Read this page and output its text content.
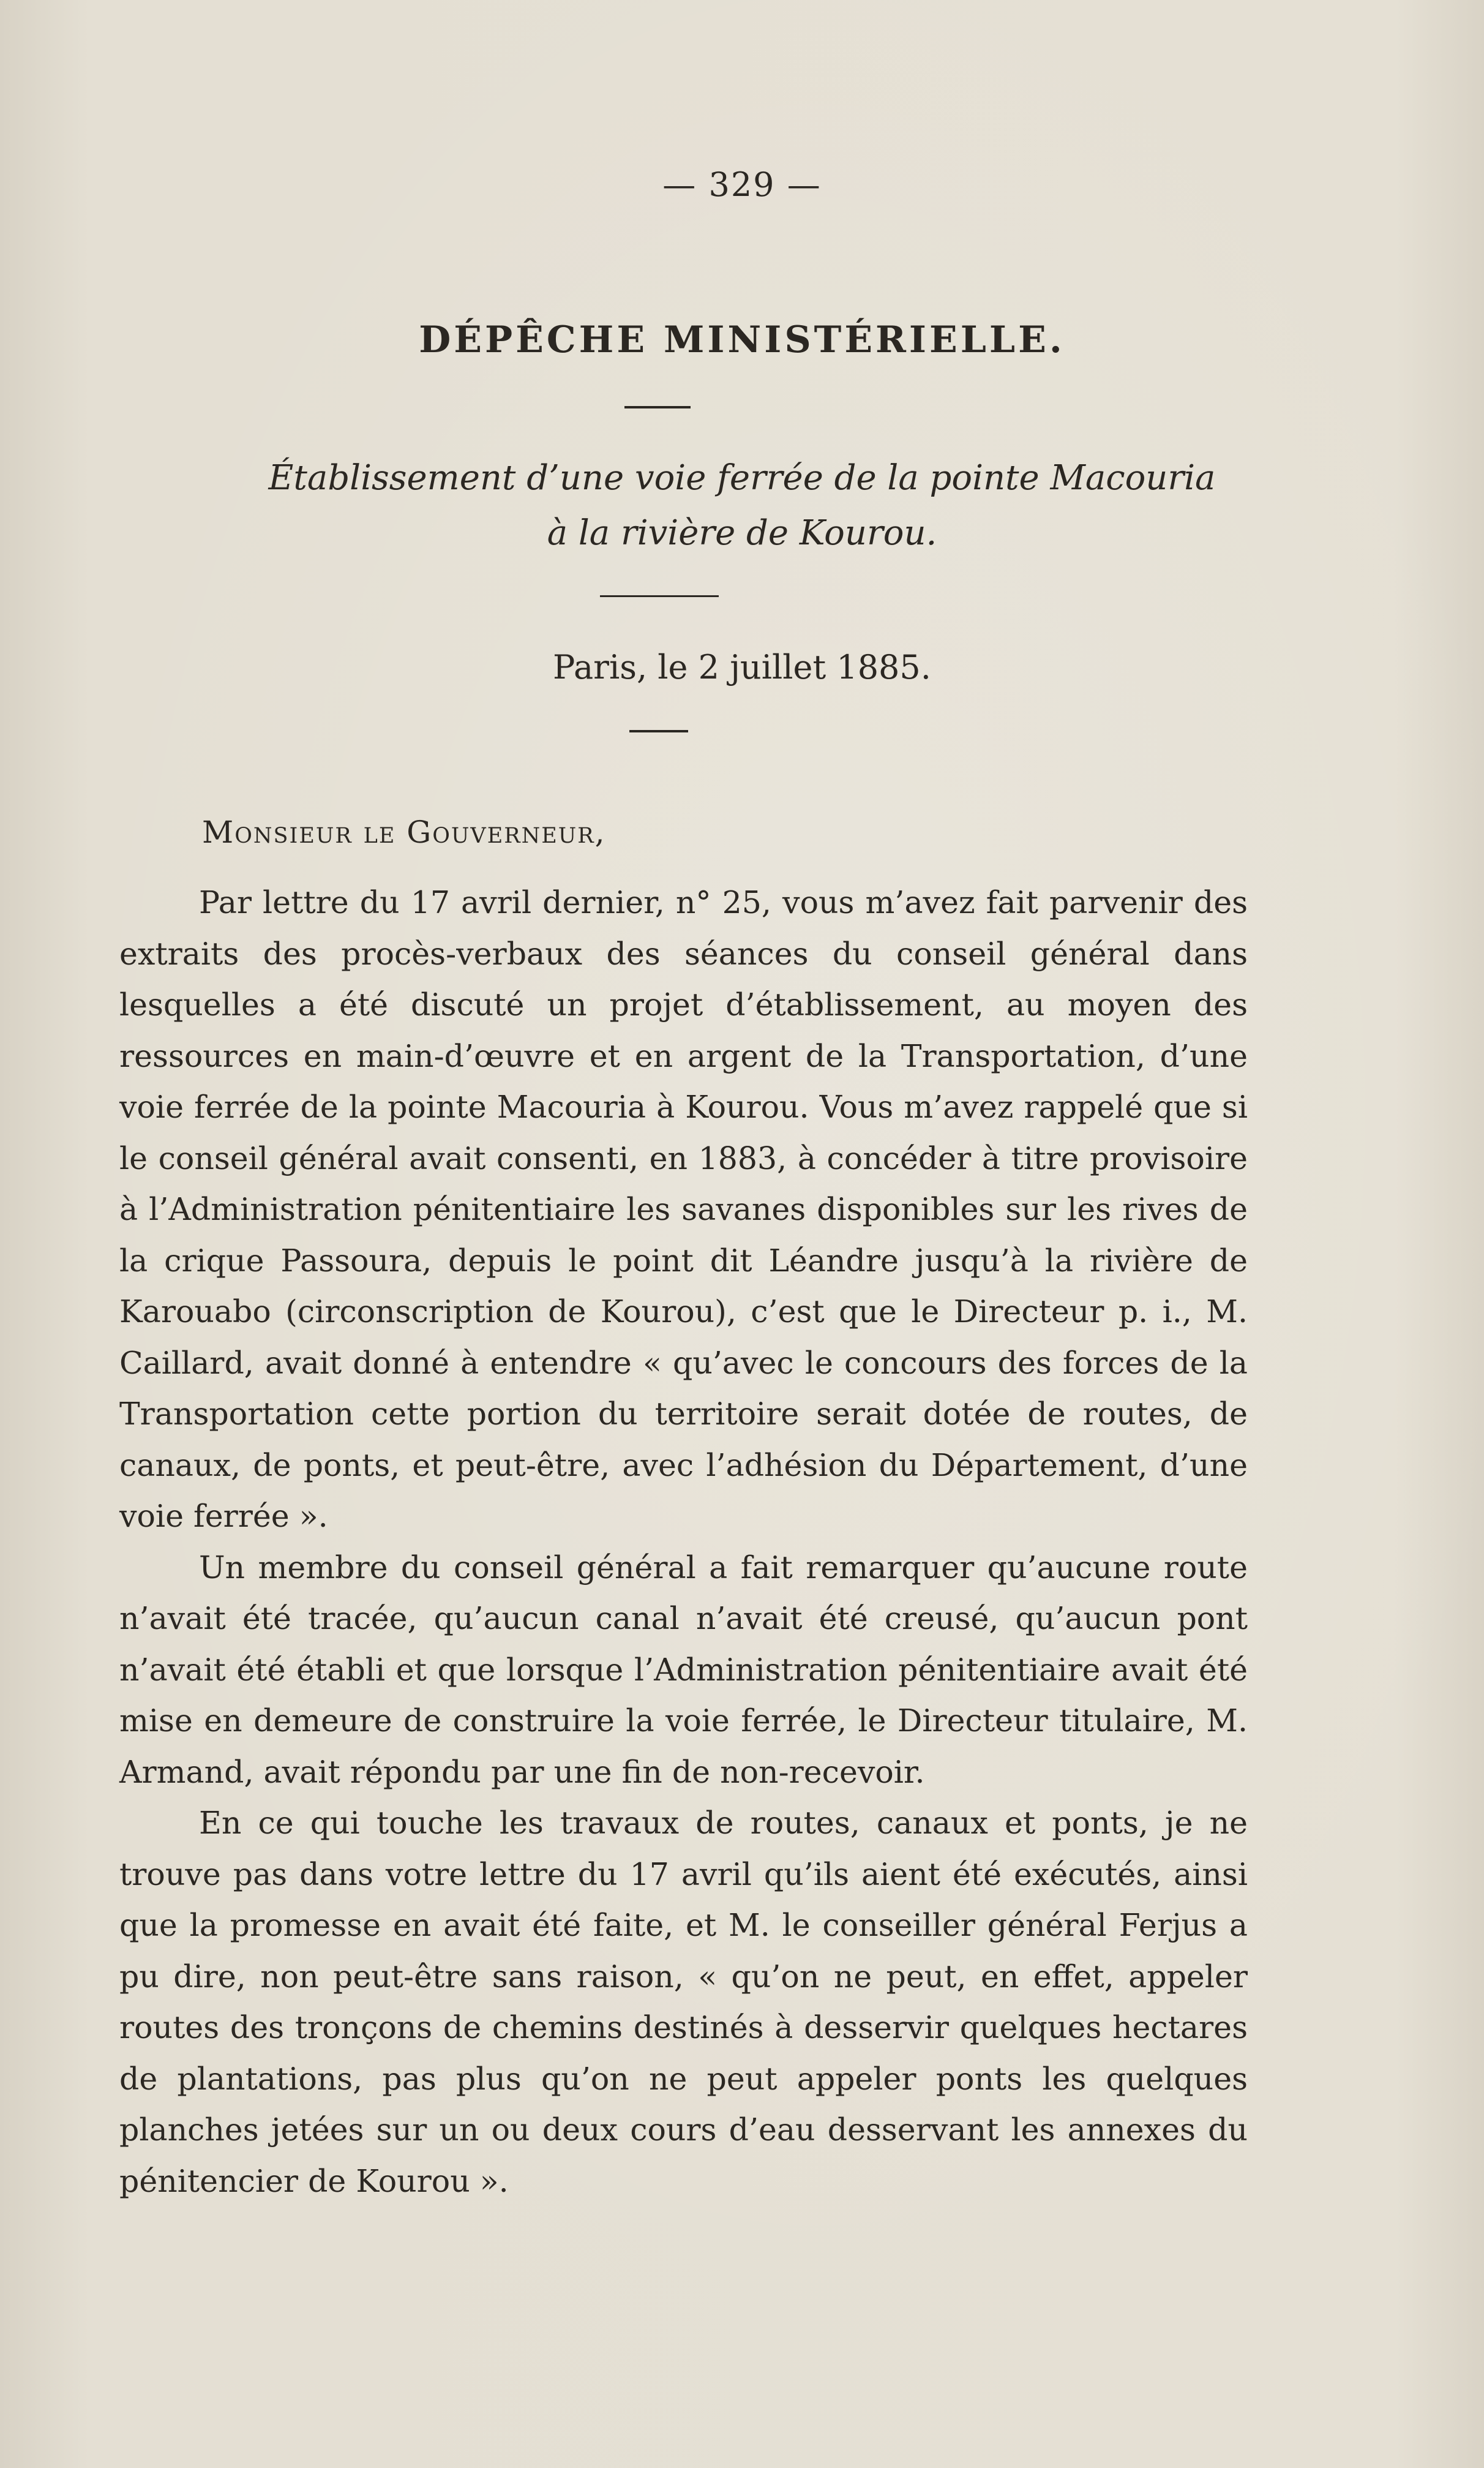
— 329 —
DÉPÊCHE MINISTÉRIELLE.
Établissement d’une voie ferrée de la pointe Macouria
à la rivière de Kourou.
Paris, le 2 juillet 1885.
Monsieur le Gouverneur,

Par lettre du 17 avril dernier, n° 25, vous m’avez fait parvenir des extraits des procès-verbaux des séances du conseil général dans lesquelles a été discuté un projet d’établissement, au moyen des ressources en main-d’œuvre et en argent de la Transportation, d’une voie ferrée de la pointe Macouria à Kourou. Vous m’avez rappelé que si le conseil général avait consenti, en 1883, à concéder à titre provisoire à l’Administration pénitentiaire les savanes disponibles sur les rives de la crique Passoura, depuis le point dit Léandre jusqu’à la rivière de Karouabo (circonscription de Kourou), c’est que le Directeur p. i., M. Caillard, avait donné à entendre « qu’avec le concours des forces de la Transportation cette portion du territoire serait dotée de routes, de canaux, de ponts, et peut-être, avec l’adhésion du Département, d’une voie ferrée ».

Un membre du conseil général a fait remarquer qu’aucune route n’avait été tracée, qu’aucun canal n’avait été creusé, qu’aucun pont n’avait été établi et que lorsque l’Administration pénitentiaire avait été mise en demeure de construire la voie ferrée, le Directeur titulaire, M. Armand, avait répondu par une fin de non-recevoir.

En ce qui touche les travaux de routes, canaux et ponts, je ne trouve pas dans votre lettre du 17 avril qu’ils aient été exécutés, ainsi que la promesse en avait été faite, et M. le conseiller général Ferjus a pu dire, non peut-être sans raison, « qu’on ne peut, en effet, appeler routes des tronçons de chemins destinés à desservir quelques hectares de plantations, pas plus qu’on ne peut appeler ponts les quelques planches jetées sur un ou deux cours d’eau desservant les annexes du pénitencier de Kourou ».
